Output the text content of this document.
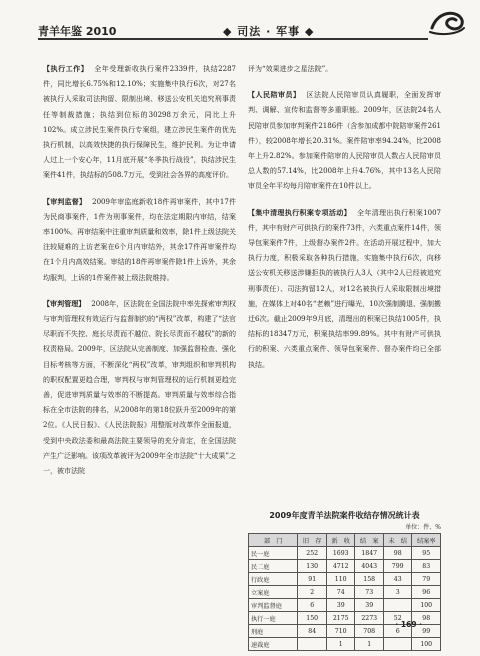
青羊年鉴 2010	◆ 司法 · 军事 ◆

【执行工作】 全年受理新收执行案件2339件，执结2287件，同比增长6.75%和12.10%；实施集中执行6次，对27名被执行人采取司法拘留、限制出境、移送公安机关追究刑事责任等制裁措施；执结到位标的30298万余元，同比上升102%。成立涉民生案件执行专案组，建立涉民生案件的优先执行机制，以高效快捷的执行保障民生，维护民利。为让申请人过上一个安心年，11月底开展“冬季执行战役”，执结涉民生案件41件，执结标的508.7万元，受到社会各界的高度评价。

【审判监督】 2009年审监庭新收18件再审案件，其中17件为民商事案件，1件为刑事案件，均在法定期限内审结，结案率100%。再审结案中注重审判质量和效率，除1件上级法院关注较疑难的上访老案在6个月内审结外，其余17件再审案件均在1个月内高效结案。审结的18件再审案件除1件上诉外，其余均服判，上诉的1件案件被上级法院维持。

【审判管理】 2008年，区法院在全国法院中率先探索审判权与审判管理权有效运行与监督制约的“两权”改革，构建了“法官尽职而不失控、庭长尽责而不越位、院长尽责而不越权”的新的权责格局。2009年，区法院从完善制度、加强监督检查、强化目标考核等方面，不断深化“两权”改革，审判组织和审判机构的职权配置更趋合理，审判权与审判管理权的运行机制更趋完善，促进审判质量与效率的不断提高。审判质量与效率综合指标在全市法院的排名，从2008年的第18位跃升至2009年的第2位。《人民日报》、《人民法院报》用整版对改革作全面报道，受到中央政法委和最高法院主要领导的充分肯定，在全国法院产生广泛影响。该项改革被评为2009年全市法院“十大成果”之一，被市法院

评为“效果进步之星法院”。

【人民陪审员】 区法院人民陪审员认真履职，全面发挥审判、调解、宣传和监督等多重职能。2009年，区法院24名人民陪审员参加审判案件2186件（含参加成都中院陪审案件261件），较2008年增长20.31%。案件陪审率94.24%，比2008年上升2.82%。参加案件陪审的人民陪审员人数占人民陪审员总人数的57.14%，比2008年上升4.76%，其中13名人民陪审员全年平均每月陪审案件在10件以上。

【集中清理执行积案专项活动】 全年清理出执行积案1007件，其中有财产可供执行的案件73件，六类重点案件14件，领导包案案件7件，上级督办案件2件。在活动开展过程中，加大执行力度，积极采取各种执行措施，实施集中执行6次，向移送公安机关移送涉嫌拒执的被执行人3人（其中2人已经被追究刑事责任）、司法拘留12人，对12名被执行人采取限制出境措施，在媒体上对40名“老赖”进行曝光，10次强制腾退、强制搬迁6次。截止2009年9月底，清理出的积案已执结1005件，执结标的18347万元，积案执结率99.89%。其中有财产可供执行的积案、六类重点案件、领导包案案件、督办案件均已全部执结。

2009年度青羊法院案件收结存情况统计表
单位：件、%
部　门	旧　存	新　收	结　案	未　结	结案率
民一庭	252	1693	1847	98	95
民二庭	130	4712	4043	799	83
行政庭	91	110	158	43	79
立案庭	2	74	73	3	96
审判监督庭	6	39	39		100
执行一庭	150	2175	2273	52	98
刑庭	84	710	708	6	99
速裁庭		1	1		100
· 169 ·
